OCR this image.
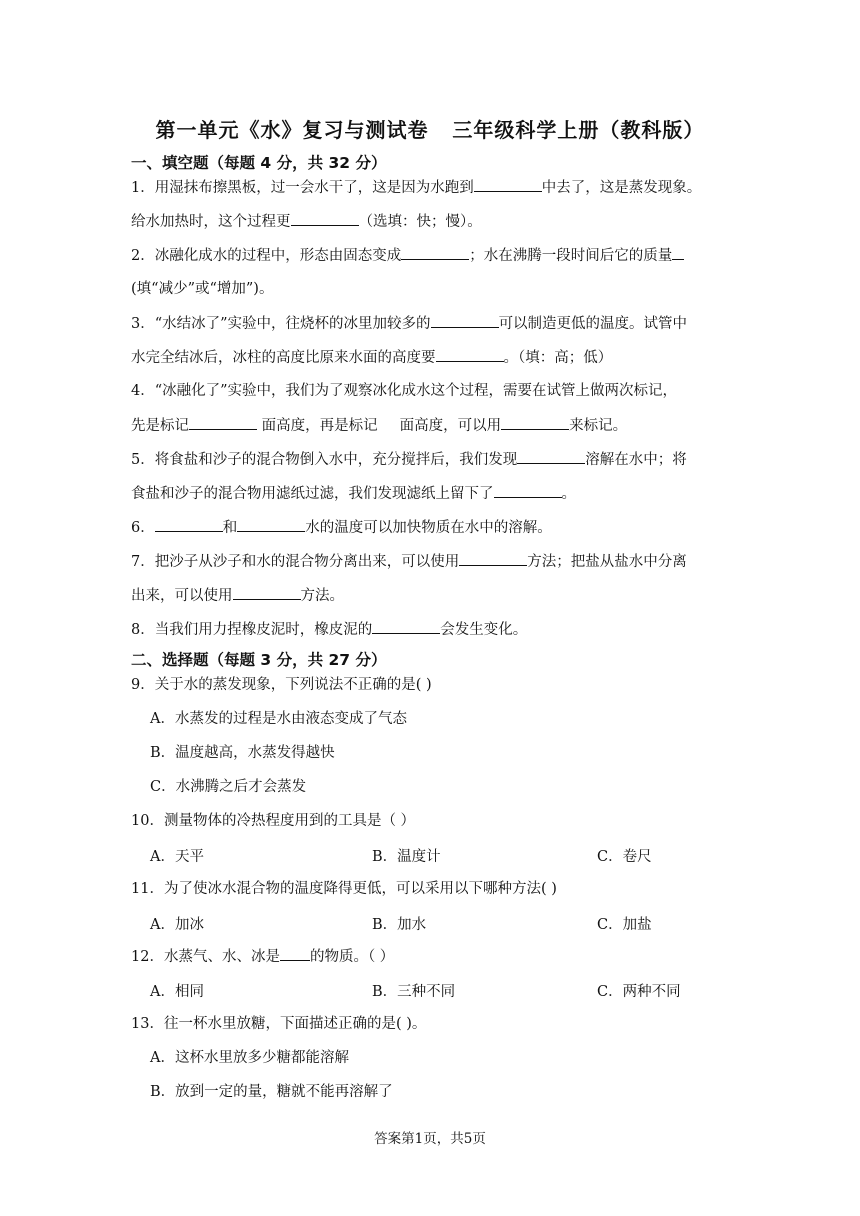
第一单元《水》复习与测试卷   三年级科学上册（教科版）
一、填空题（每题 4 分，共 32 分）
1．用湿抹布擦黑板，过一会水干了，这是因为水跑到	中去了，这是蒸发现象。
给水加热时，这个过程更	（选填：快；慢）。
2．冰融化成水的过程中，形态由固态变成	；水在沸腾一段时间后它的质量
(填“减少”或“增加”)。
3．“水结冰了”实验中，往烧杯的冰里加较多的	可以制造更低的温度。试管中
水完全结冰后，冰柱的高度比原来水面的高度要	。（填：高；低）
4．“冰融化了”实验中，我们为了观察冰化成水这个过程，需要在试管上做两次标记，
先是标记	面高度，再是标记 面高度，可以用	来标记。
5．将食盐和沙子的混合物倒入水中，充分搅拌后，我们发现	溶解在水中；将
食盐和沙子的混合物用滤纸过滤，我们发现滤纸上留下了	。
6．	和	水的温度可以加快物质在水中的溶解。
7．把沙子从沙子和水的混合物分离出来，可以使用	方法；把盐从盐水中分离
出来，可以使用	方法。
8．当我们用力捏橡皮泥时，橡皮泥的	会发生变化。
二、选择题（每题 3 分，共 27 分）
9．关于水的蒸发现象，下列说法不正确的是( )
A．水蒸发的过程是水由液态变成了气态
B．温度越高，水蒸发得越快
C．水沸腾之后才会蒸发
10．测量物体的冷热程度用到的工具是（ ）
A．天平	B．温度计	C．卷尺
11．为了使冰水混合物的温度降得更低，可以采用以下哪种方法( )
A．加冰	B．加水	C．加盐
12．水蒸气、水、冰是 的物质。（ ）
A．相同	B．三种不同	C．两种不同
13．往一杯水里放糖，下面描述正确的是( )。
A．这杯水里放多少糖都能溶解
B．放到一定的量，糖就不能再溶解了
答案第1页，共5页
